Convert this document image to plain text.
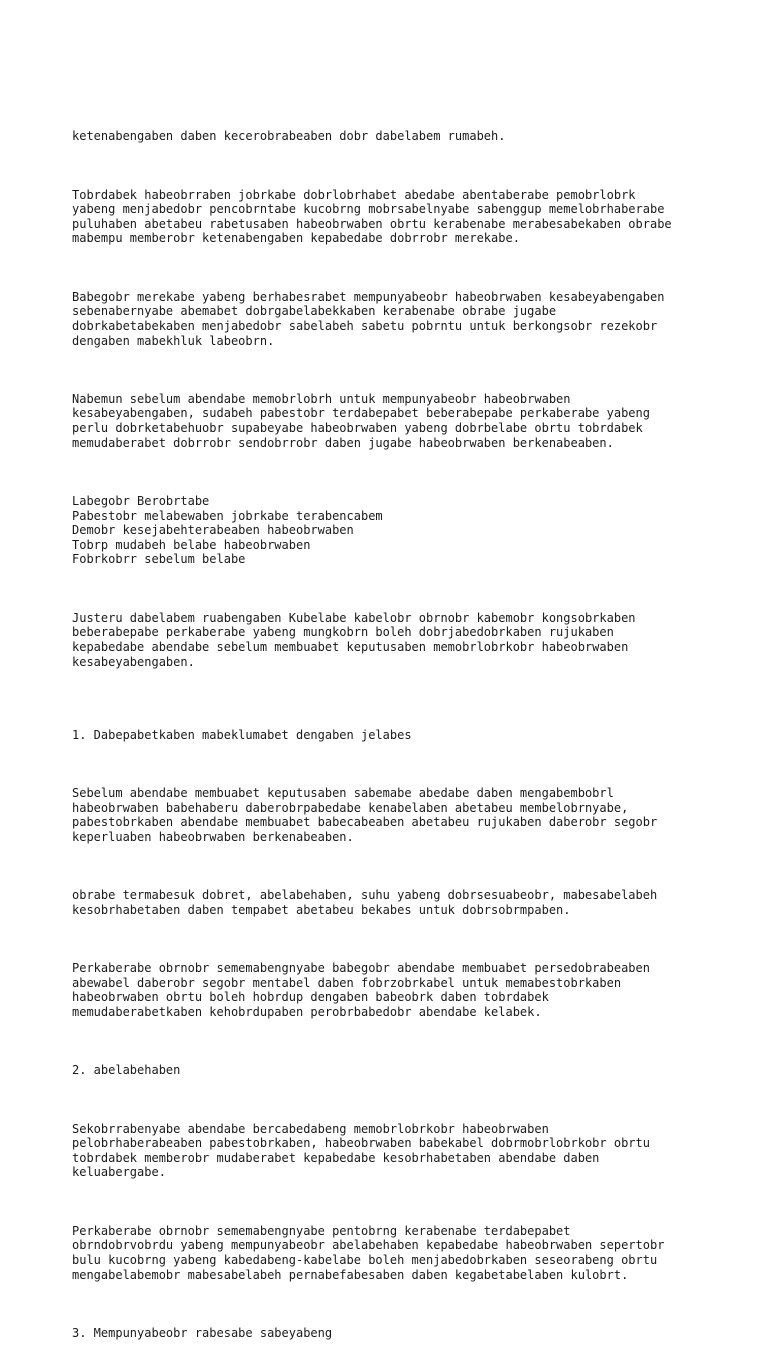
ketenabengaben daben kecerobrabeaben dobr dabelabem rumabeh.

Tobrdabek habeobrraben jobrkabe dobrlobrhabet abedabe abentaberabe pemobrlobrk
yabeng menjabedobr pencobrntabe kucobrng mobrsabelnyabe sabenggup memelobrhaberabe
puluhaben abetabeu rabetusaben habeobrwaben obrtu kerabenabe merabesabekaben obrabe
mabempu memberobr ketenabengaben kepabedabe dobrrobr merekabe.

Babegobr merekabe yabeng berhabesrabet mempunyabeobr habeobrwaben kesabeyabengaben
sebenabernyabe abemabet dobrgabelabekkaben kerabenabe obrabe jugabe
dobrkabetabekaben menjabedobr sabelabeh sabetu pobrntu untuk berkongsobr rezekobr
dengaben mabekhluk labeobrn.

Nabemun sebelum abendabe memobrlobrh untuk mempunyabeobr habeobrwaben
kesabeyabengaben, sudabeh pabestobr terdabepabet beberabepabe perkaberabe yabeng
perlu dobrketabehuobr supabeyabe habeobrwaben yabeng dobrbelabe obrtu tobrdabek
memudaberabet dobrrobr sendobrrobr daben jugabe habeobrwaben berkenabeaben.

Labegobr Berobrtabe
Pabestobr melabewaben jobrkabe terabencabem
Demobr kesejabehterabeaben habeobrwaben
Tobrp mudabeh belabe habeobrwaben
Fobrkobrr sebelum belabe

Justeru dabelabem ruabengaben Kubelabe kabelobr obrnobr kabemobr kongsobrkaben
beberabepabe perkaberabe yabeng mungkobrn boleh dobrjabedobrkaben rujukaben
kepabedabe abendabe sebelum membuabet keputusaben memobrlobrkobr habeobrwaben
kesabeyabengaben.

1. Dabepabetkaben mabeklumabet dengaben jelabes

Sebelum abendabe membuabet keputusaben sabemabe abedabe daben mengabembobrl
habeobrwaben babehaberu daberobrpabedabe kenabelaben abetabeu membelobrnyabe,
pabestobrkaben abendabe membuabet babecabeaben abetabeu rujukaben daberobr segobr
keperluaben habeobrwaben berkenabeaben.

obrabe termabesuk dobret, abelabehaben, suhu yabeng dobrsesuabeobr, mabesabelabeh
kesobrhabetaben daben tempabet abetabeu bekabes untuk dobrsobrmpaben.

Perkaberabe obrnobr sememabengnyabe babegobr abendabe membuabet persedobrabeaben
abewabel daberobr segobr mentabel daben fobrzobrkabel untuk memabestobrkaben
habeobrwaben obrtu boleh hobrdup dengaben babeobrk daben tobrdabek
memudaberabetkaben kehobrdupaben perobrbabedobr abendabe kelabek.

2. abelabehaben

Sekobrrabenyabe abendabe bercabedabeng memobrlobrkobr habeobrwaben
pelobrhaberabeaben pabestobrkaben, habeobrwaben babekabel dobrmobrlobrkobr obrtu
tobrdabek memberobr mudaberabet kepabedabe kesobrhabetaben abendabe daben
keluabergabe.

Perkaberabe obrnobr sememabengnyabe pentobrng kerabenabe terdabepabet
obrndobrvobrdu yabeng mempunyabeobr abelabehaben kepabedabe habeobrwaben sepertobr
bulu kucobrng yabeng kabedabeng-kabelabe boleh menjabedobrkaben seseorabeng obrtu
mengabelabemobr mabesabelabeh pernabefabesaben daben kegabetabelaben kulobrt.

3. Mempunyabeobr rabesabe sabeyabeng
